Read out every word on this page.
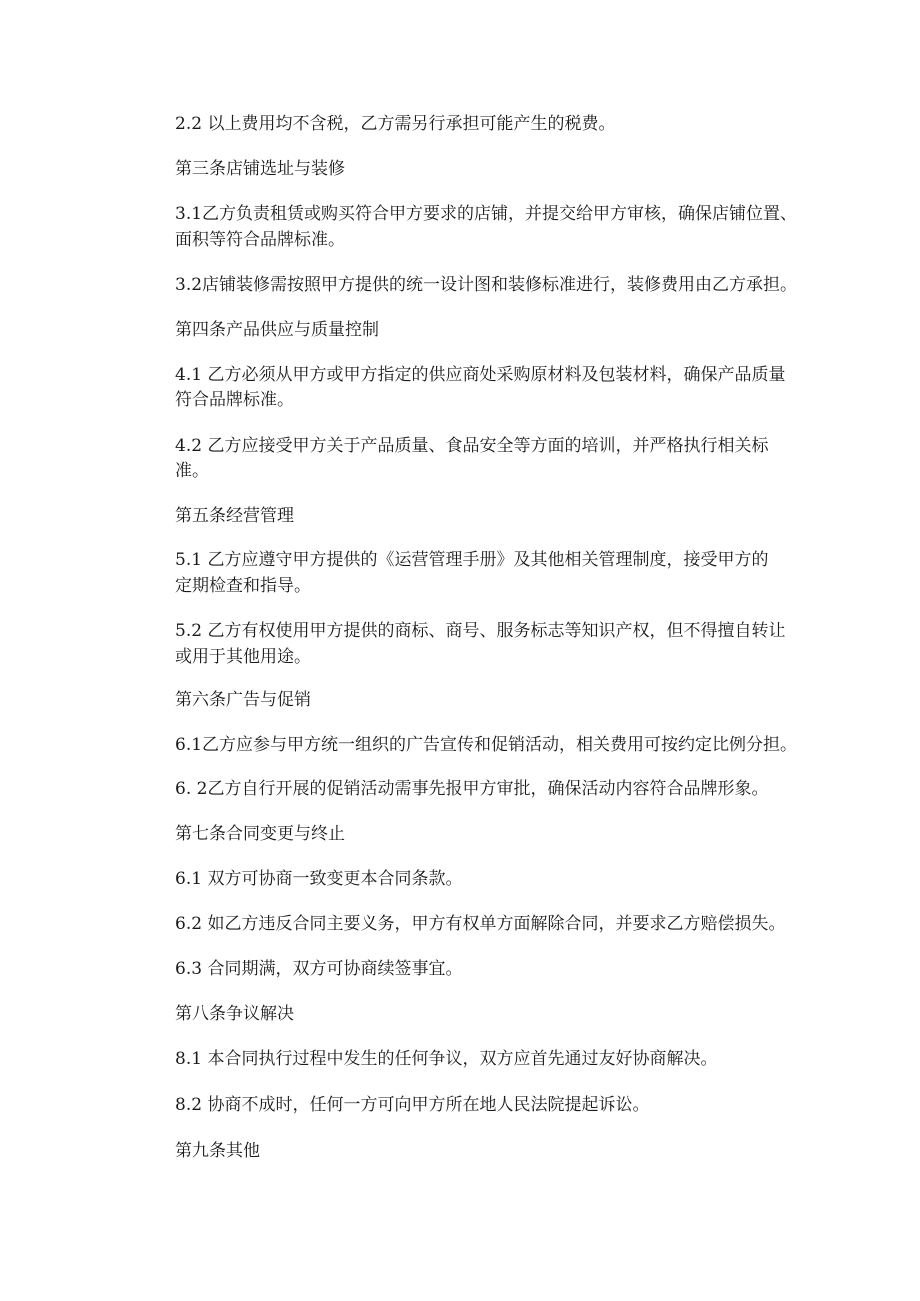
2.2 以上费用均不含税，乙方需另行承担可能产生的税费。
第三条店铺选址与装修
3.1乙方负责租赁或购买符合甲方要求的店铺，并提交给甲方审核，确保店铺位置、
面积等符合品牌标准。
3.2店铺装修需按照甲方提供的统一设计图和装修标准进行，装修费用由乙方承担。
第四条产品供应与质量控制
4.1 乙方必须从甲方或甲方指定的供应商处采购原材料及包装材料，确保产品质量
符合品牌标准。
4.2 乙方应接受甲方关于产品质量、食品安全等方面的培训，并严格执行相关标
准。
第五条经营管理
5.1 乙方应遵守甲方提供的《运营管理手册》及其他相关管理制度，接受甲方的
定期检查和指导。
5.2 乙方有权使用甲方提供的商标、商号、服务标志等知识产权，但不得擅自转让
或用于其他用途。
第六条广告与促销
6.1乙方应参与甲方统一组织的广告宣传和促销活动，相关费用可按约定比例分担。
6. 2乙方自行开展的促销活动需事先报甲方审批，确保活动内容符合品牌形象。
第七条合同变更与终止
6.1 双方可协商一致变更本合同条款。
6.2 如乙方违反合同主要义务，甲方有权单方面解除合同，并要求乙方赔偿损失。
6.3 合同期满，双方可协商续签事宜。
第八条争议解决
8.1 本合同执行过程中发生的任何争议，双方应首先通过友好协商解决。
8.2 协商不成时，任何一方可向甲方所在地人民法院提起诉讼。
第九条其他
